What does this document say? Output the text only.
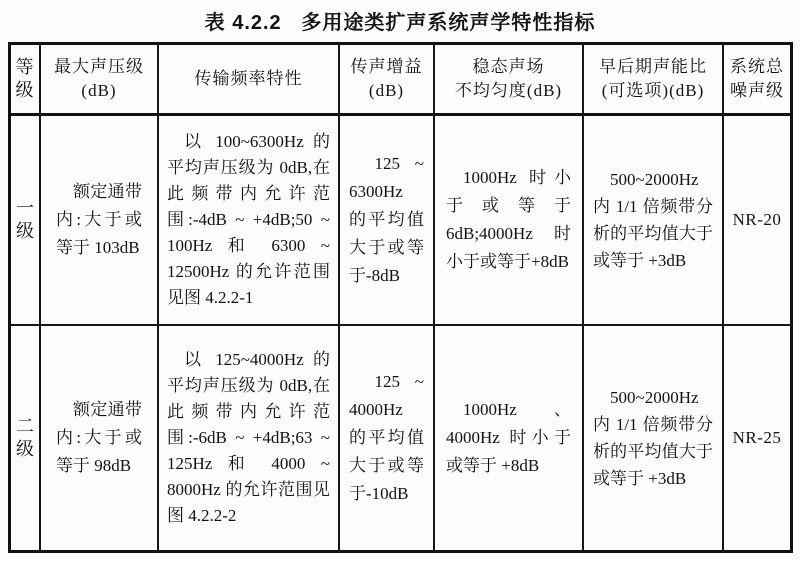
表 4.2.2   多用途类扩声系统声学特性指标
等
级
最大声压级
(dB)
传输频率特性
传声增益
(dB)
稳态声场
不均匀度(dB)
早后期声能比
(可选项)(dB)
系统总
噪声级
一
级
额定通带内:大于或等于 103dB
以 100~6300Hz 的平均声压级为 0dB,在此频带内允许范围:-4dB ~ +4dB;50 ~ 100Hz 和 6300 ~ 12500Hz 的允许范围见图 4.2.2-1
125 ~ 6300Hz 的平均值大于或等于-8dB
1000Hz 时小于或等于 6dB;4000Hz 时小于或等于+8dB
500~2000Hz 内 1/1 倍频带分析的平均值大于或等于 +3dB
NR-20
二
级
额定通带内:大于或等于 98dB
以 125~4000Hz 的平均声压级为 0dB,在此频带内允许范围:-6dB ~ +4dB;63 ~ 125Hz 和 4000 ~ 8000Hz 的允许范围见图 4.2.2-2
125 ~ 4000Hz 的平均值大于或等于-10dB
1000Hz、4000Hz 时小于或等于 +8dB
500~2000Hz 内 1/1 倍频带分析的平均值大于或等于 +3dB
NR-25
